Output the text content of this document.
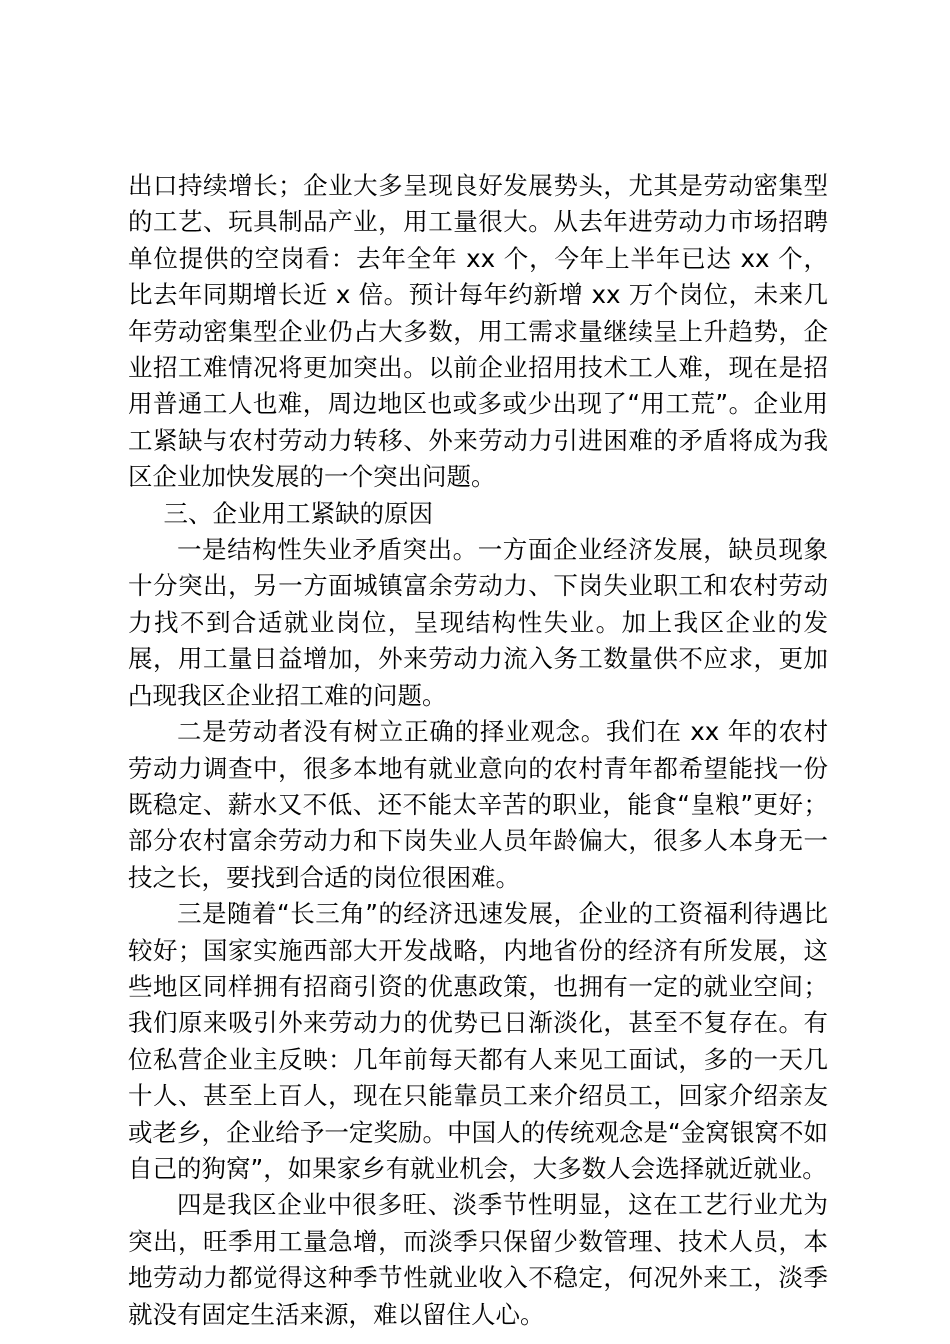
出口持续增长；企业大多呈现良好发展势头，尤其是劳动密集型的工艺、玩具制品产业，用工量很大。从去年进劳动力市场招聘单位提供的空岗看：去年全年 xx 个，今年上半年已达 xx 个，比去年同期增长近 x 倍。预计每年约新增 xx 万个岗位，未来几年劳动密集型企业仍占大多数，用工需求量继续呈上升趋势，企业招工难情况将更加突出。以前企业招用技术工人难，现在是招用普通工人也难，周边地区也或多或少出现了“用工荒”。企业用工紧缺与农村劳动力转移、外来劳动力引进困难的矛盾将成为我区企业加快发展的一个突出问题。

三、企业用工紧缺的原因

一是结构性失业矛盾突出。一方面企业经济发展，缺员现象十分突出，另一方面城镇富余劳动力、下岗失业职工和农村劳动力找不到合适就业岗位，呈现结构性失业。加上我区企业的发展，用工量日益增加，外来劳动力流入务工数量供不应求，更加凸现我区企业招工难的问题。

二是劳动者没有树立正确的择业观念。我们在 xx 年的农村劳动力调查中，很多本地有就业意向的农村青年都希望能找一份既稳定、薪水又不低、还不能太辛苦的职业，能食“皇粮”更好；部分农村富余劳动力和下岗失业人员年龄偏大，很多人本身无一技之长，要找到合适的岗位很困难。

三是随着“长三角”的经济迅速发展，企业的工资福利待遇比较好；国家实施西部大开发战略，内地省份的经济有所发展，这些地区同样拥有招商引资的优惠政策，也拥有一定的就业空间；我们原来吸引外来劳动力的优势已日渐淡化，甚至不复存在。有位私营企业主反映：几年前每天都有人来见工面试，多的一天几十人、甚至上百人，现在只能靠员工来介绍员工，回家介绍亲友或老乡，企业给予一定奖励。中国人的传统观念是“金窝银窝不如自己的狗窝”，如果家乡有就业机会，大多数人会选择就近就业。

四是我区企业中很多旺、淡季节性明显，这在工艺行业尤为突出，旺季用工量急增，而淡季只保留少数管理、技术人员，本地劳动力都觉得这种季节性就业收入不稳定，何况外来工，淡季就没有固定生活来源，难以留住人心。
